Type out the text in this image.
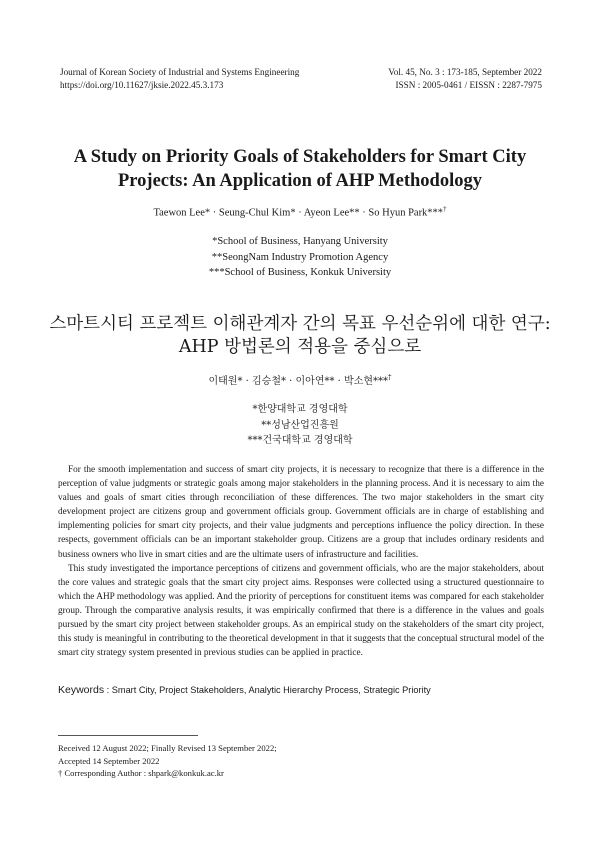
Journal of Korean Society of Industrial and Systems Engineering
https://doi.org/10.11627/jksie.2022.45.3.173
Vol. 45, No. 3 : 173-185, September 2022
ISSN : 2005-0461 / EISSN : 2287-7975
A Study on Priority Goals of Stakeholders for Smart City
Projects: An Application of AHP Methodology
Taewon Lee* · Seung-Chul Kim* · Ayeon Lee** · So Hyun Park***†
*School of Business, Hanyang University
**SeongNam Industry Promotion Agency
***School of Business, Konkuk University
스마트시티 프로젝트 이해관계자 간의 목표 우선순위에 대한 연구:
AHP 방법론의 적용을 중심으로
이태원* · 김승철* · 이아연** · 박소현***†
*한양대학교 경영대학
**성남산업진흥원
***건국대학교 경영대학

For the smooth implementation and success of smart city projects, it is necessary to recognize that there is a difference in the perception of value judgments or strategic goals among major stakeholders in the planning process. And it is necessary to aim the values and goals of smart cities through reconciliation of these differences. The two major stakeholders in the smart city development project are citizens group and government officials group. Government officials are in charge of establishing and implementing policies for smart city projects, and their value judgments and perceptions influence the policy direction. In these respects, government officials can be an important stakeholder group. Citizens are a group that includes ordinary residents and business owners who live in smart cities and are the ultimate users of infrastructure and facilities.

This study investigated the importance perceptions of citizens and government officials, who are the major stakeholders, about the core values and strategic goals that the smart city project aims. Responses were collected using a structured questionnaire to which the AHP methodology was applied. And the priority of perceptions for constituent items was compared for each stakeholder group. Through the comparative analysis results, it was empirically confirmed that there is a difference in the values and goals pursued by the smart city project between stakeholder groups. As an empirical study on the stakeholders of the smart city project, this study is meaningful in contributing to the theoretical development in that it suggests that the conceptual structural model of the smart city strategy system presented in previous studies can be applied in practice.

Keywords : Smart City, Project Stakeholders, Analytic Hierarchy Process, Strategic Priority
Received 12 August 2022; Finally Revised 13 September 2022;
Accepted 14 September 2022
† Corresponding Author : shpark@konkuk.ac.kr
